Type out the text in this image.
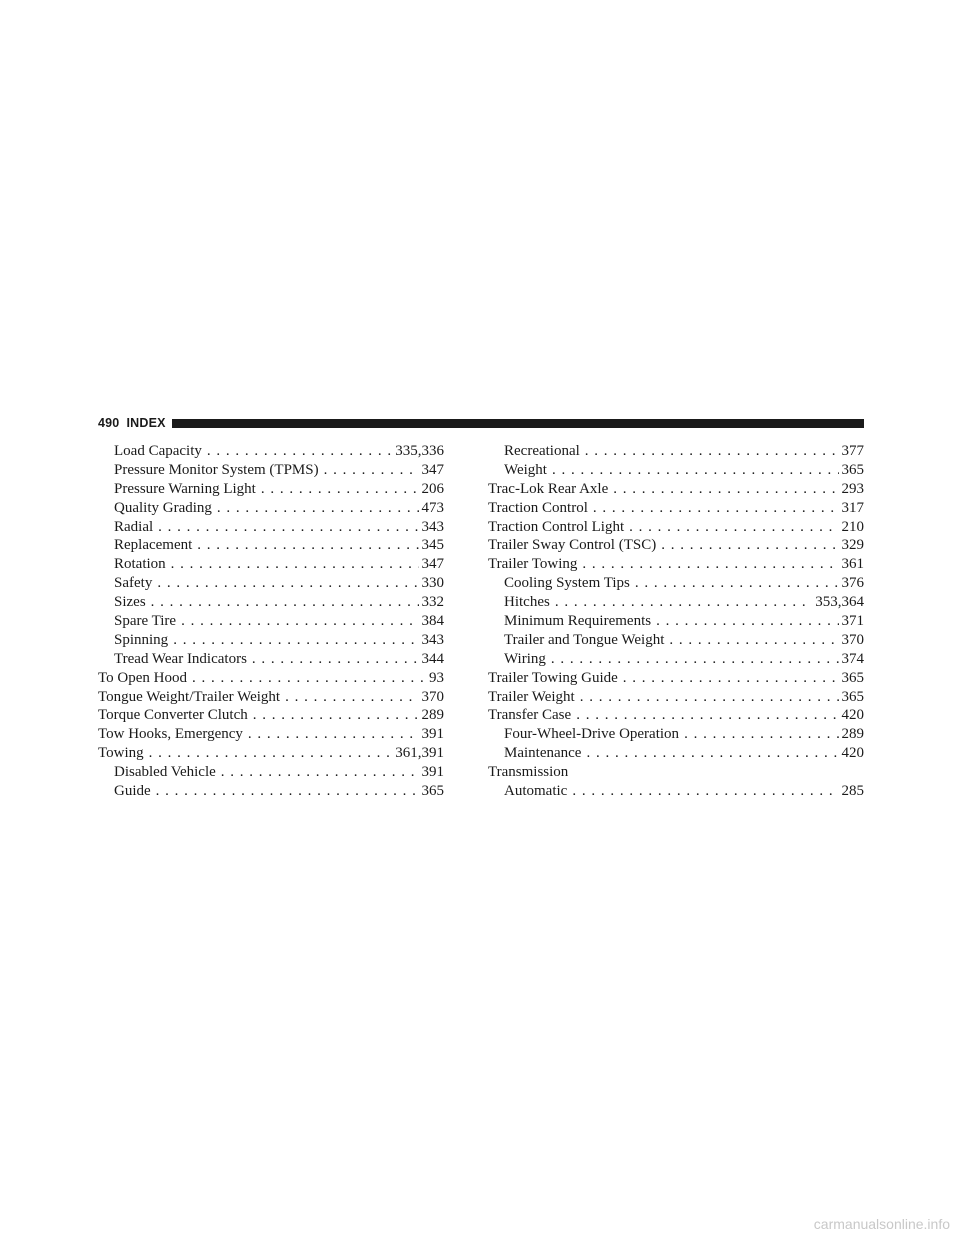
490 INDEX
Load Capacity . . .	335,336
Pressure Monitor System (TPMS) . . .	347
Pressure Warning Light . . .	206
Quality Grading . . .	473
Radial . . .	343
Replacement . . .	345
Rotation . . .	347
Safety . . .	330
Sizes . . .	332
Spare Tire . . .	384
Spinning . . .	343
Tread Wear Indicators . . .	344
To Open Hood . . .	93
Tongue Weight/Trailer Weight . . .	370
Torque Converter Clutch . . .	289
Tow Hooks, Emergency . . .	391
Towing . . .	361,391
Disabled Vehicle . . .	391
Guide . . .	365
Recreational . . .	377
Weight . . .	365
Trac-Lok Rear Axle . . .	293
Traction Control . . .	317
Traction Control Light . . .	210
Trailer Sway Control (TSC) . . .	329
Trailer Towing . . .	361
Cooling System Tips . . .	376
Hitches . . .	353,364
Minimum Requirements . . .	371
Trailer and Tongue Weight . . .	370
Wiring . . .	374
Trailer Towing Guide . . .	365
Trailer Weight . . .	365
Transfer Case . . .	420
Four-Wheel-Drive Operation . . .	289
Maintenance . . .	420
Transmission
Automatic . . .	285
carmanualsonline.info
